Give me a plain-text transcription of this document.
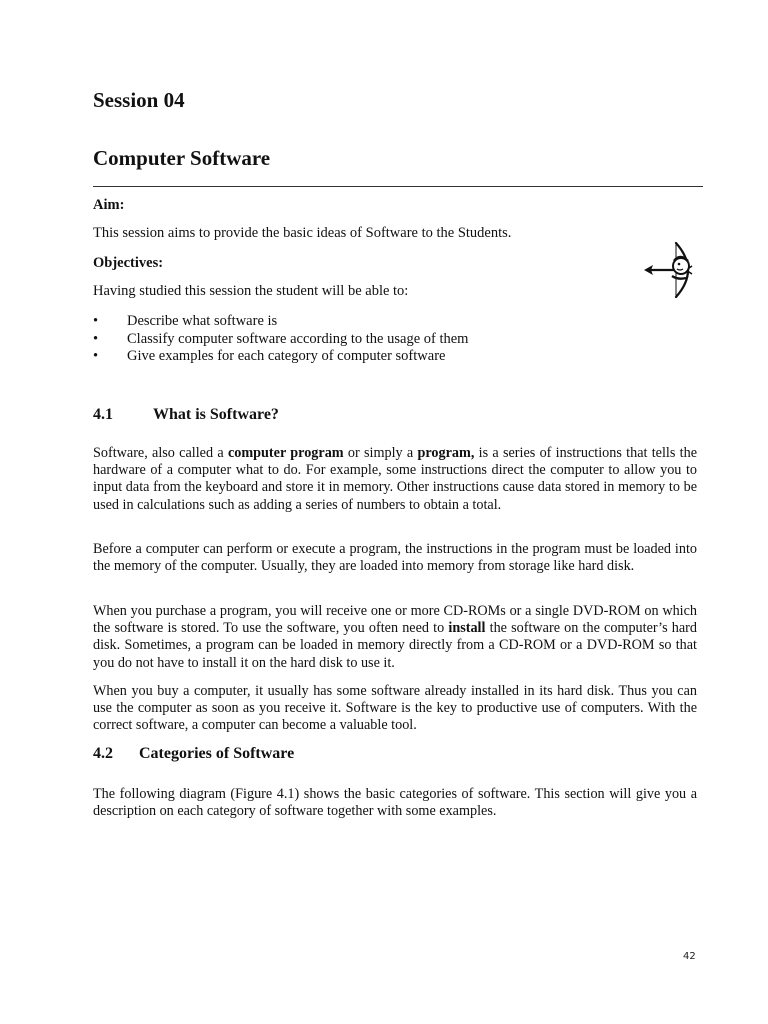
Session 04
Computer Software

Aim:

This session aims to provide the basic ideas of Software to the Students.

Objectives:

Having studied this session the student will be able to:

• Describe what software is
• Classify computer software according to the usage of them
• Give examples for each category of computer software
4.1	What is Software?

Software, also called a computer program or simply a program, is a series of instructions that tells the hardware of a computer what to do. For example, some instructions direct the computer to allow you to input data from the keyboard and store it in memory. Other instructions cause data stored in memory to be used in calculations such as adding a series of numbers to obtain a total.

Before a computer can perform or execute a program, the instructions in the program must be loaded into the memory of the computer. Usually, they are loaded into memory from storage like hard disk.

When you purchase a program, you will receive one or more CD-ROMs or a single DVD-ROM on which the software is stored. To use the software, you often need to install the software on the computer’s hard disk. Sometimes, a program can be loaded in memory directly from a CD-ROM or a DVD-ROM so that you do not have to install it on the hard disk to use it.

When you buy a computer, it usually has some software already installed in its hard disk. Thus you can use the computer as soon as you receive it. Software is the key to productive use of computers. With the correct software, a computer can become a valuable tool.

4.2 Categories of Software

The following diagram (Figure 4.1) shows the basic categories of software. This section will give you a description on each category of software together with some examples.

42
